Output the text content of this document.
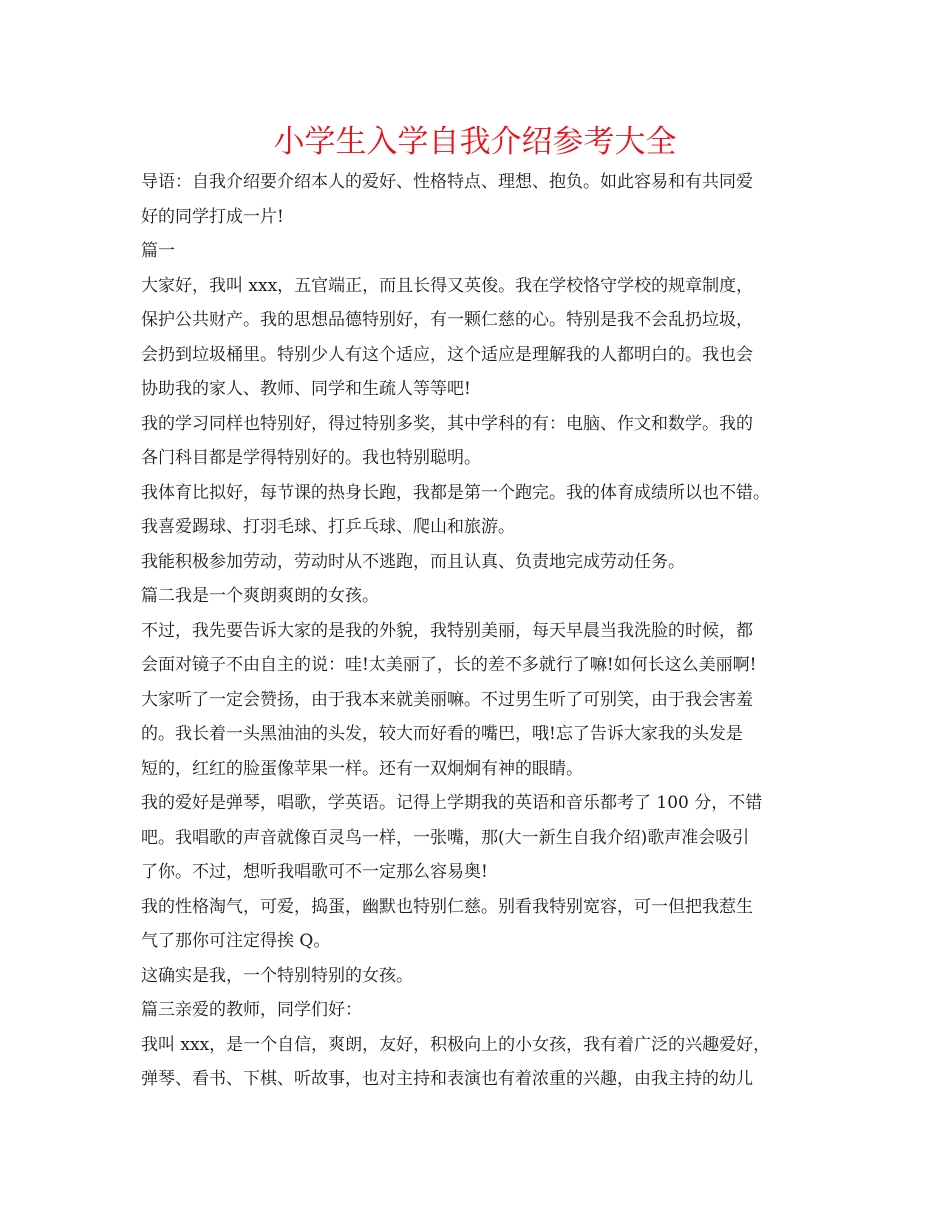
小学生入学自我介绍参考大全
导语：自我介绍要介绍本人的爱好、性格特点、理想、抱负。如此容易和有共同爱
好的同学打成一片!
篇一
大家好，我叫 xxx，五官端正，而且长得又英俊。我在学校恪守学校的规章制度，
保护公共财产。我的思想品德特别好，有一颗仁慈的心。特别是我不会乱扔垃圾，
会扔到垃圾桶里。特别少人有这个适应，这个适应是理解我的人都明白的。我也会
协助我的家人、教师、同学和生疏人等等吧!
我的学习同样也特别好，得过特别多奖，其中学科的有：电脑、作文和数学。我的
各门科目都是学得特别好的。我也特别聪明。
我体育比拟好，每节课的热身长跑，我都是第一个跑完。我的体育成绩所以也不错。
我喜爱踢球、打羽毛球、打乒乓球、爬山和旅游。
我能积极参加劳动，劳动时从不逃跑，而且认真、负责地完成劳动任务。
篇二我是一个爽朗爽朗的女孩。
不过，我先要告诉大家的是我的外貌，我特别美丽，每天早晨当我洗脸的时候，都
会面对镜子不由自主的说：哇!太美丽了，长的差不多就行了嘛!如何长这么美丽啊!
大家听了一定会赞扬，由于我本来就美丽嘛。不过男生听了可别笑，由于我会害羞
的。我长着一头黑油油的头发，较大而好看的嘴巴，哦!忘了告诉大家我的头发是
短的，红红的脸蛋像苹果一样。还有一双炯炯有神的眼睛。
我的爱好是弹琴，唱歌，学英语。记得上学期我的英语和音乐都考了 100 分，不错
吧。我唱歌的声音就像百灵鸟一样，一张嘴，那(大一新生自我介绍)歌声准会吸引
了你。不过，想听我唱歌可不一定那么容易奥!
我的性格淘气，可爱，捣蛋，幽默也特别仁慈。别看我特别宽容，可一但把我惹生
气了那你可注定得挨 Q。
这确实是我，一个特别特别的女孩。
篇三亲爱的教师，同学们好：
我叫 xxx，是一个自信，爽朗，友好，积极向上的小女孩，我有着广泛的兴趣爱好，
弹琴、看书、下棋、听故事，也对主持和表演也有着浓重的兴趣，由我主持的幼儿
